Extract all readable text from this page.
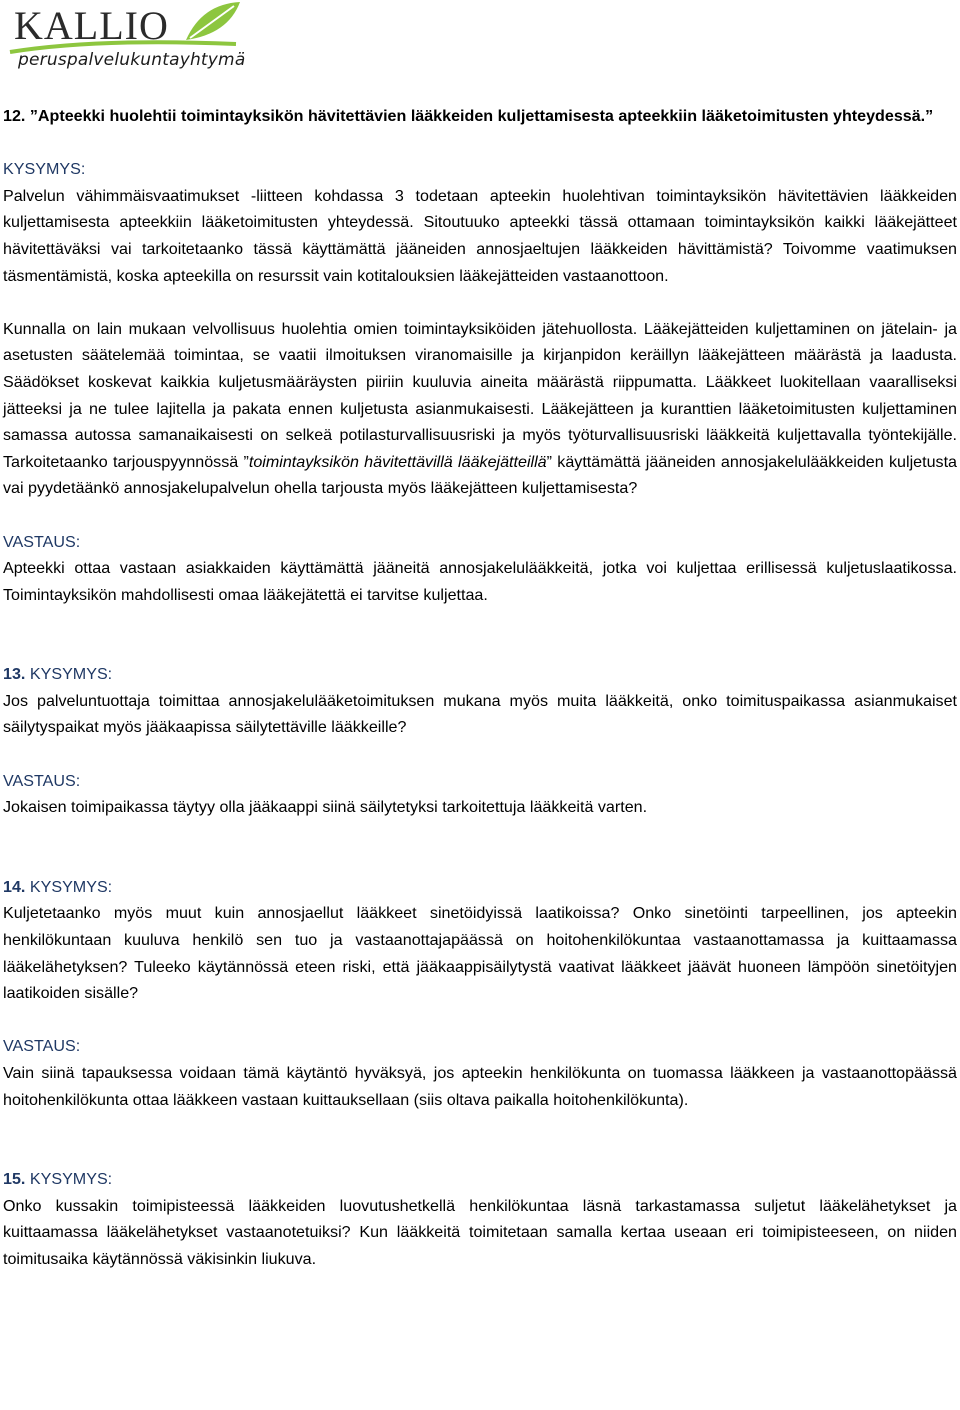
KALLIO
peruspalvelukuntayhtymä

12. ”Apteekki huolehtii toimintayksikön hävitettävien lääkkeiden kuljettamisesta apteekkiin lääketoimitusten yhteydessä.”

KYSYMYS:

Palvelun vähimmäisvaatimukset -liitteen kohdassa 3 todetaan apteekin huolehtivan toimintayksikön hävitettävien lääkkeiden kuljettamisesta apteekkiin lääketoimitusten yhteydessä. Sitoutuuko apteekki tässä ottamaan toimintayksikön kaikki lääkejätteet hävitettäväksi vai tarkoitetaanko tässä käyttämättä jääneiden annosjaeltujen lääkkeiden hävittämistä? Toivomme vaatimuksen täsmentämistä, koska apteekilla on resurssit vain kotitalouksien lääkejätteiden vastaanottoon.

Kunnalla on lain mukaan velvollisuus huolehtia omien toimintayksiköiden jätehuollosta. Lääkejätteiden kuljettaminen on jätelain- ja asetusten säätelemää toimintaa, se vaatii ilmoituksen viranomaisille ja kirjanpidon keräillyn lääkejätteen määrästä ja laadusta. Säädökset koskevat kaikkia kuljetusmääräysten piiriin kuuluvia aineita määrästä riippumatta. Lääkkeet luokitellaan vaaralliseksi jätteeksi ja ne tulee lajitella ja pakata ennen kuljetusta asianmukaisesti. Lääkejätteen ja kuranttien lääketoimitusten kuljettaminen samassa autossa samanaikaisesti on selkeä potilasturvallisuusriski ja myös työturvallisuusriski lääkkeitä kuljettavalla työntekijälle. Tarkoitetaanko tarjouspyynnössä ”toimintayksikön hävitettävillä lääkejätteillä” käyttämättä jääneiden annosjakelulääkkeiden kuljetusta vai pyydetäänkö annosjakelupalvelun ohella tarjousta myös lääkejätteen kuljettamisesta?

VASTAUS:

Apteekki ottaa vastaan asiakkaiden käyttämättä jääneitä annosjakelulääkkeitä, jotka voi kuljettaa erillisessä kuljetuslaatikossa. Toimintayksikön mahdollisesti omaa lääkejätettä ei tarvitse kuljettaa.

13. KYSYMYS:

Jos palveluntuottaja toimittaa annosjakelulääketoimituksen mukana myös muita lääkkeitä, onko toimituspaikassa asianmukaiset säilytyspaikat myös jääkaapissa säilytettäville lääkkeille?

VASTAUS:

Jokaisen toimipaikassa täytyy olla jääkaappi siinä säilytetyksi tarkoitettuja lääkkeitä varten.

14. KYSYMYS:

Kuljetetaanko myös muut kuin annosjaellut lääkkeet sinetöidyissä laatikoissa? Onko sinetöinti tarpeellinen, jos apteekin henkilökuntaan kuuluva henkilö sen tuo ja vastaanottajapäässä on hoitohenkilökuntaa vastaanottamassa ja kuittaamassa lääkelähetyksen? Tuleeko käytännössä eteen riski, että jääkaappisäilytystä vaativat lääkkeet jäävät huoneen lämpöön sinetöityjen laatikoiden sisälle?

VASTAUS:

Vain siinä tapauksessa voidaan tämä käytäntö hyväksyä, jos apteekin henkilökunta on tuomassa lääkkeen ja vastaanottopäässä hoitohenkilökunta ottaa lääkkeen vastaan kuittauksellaan (siis oltava paikalla hoitohenkilökunta).

15. KYSYMYS:

Onko kussakin toimipisteessä lääkkeiden luovutushetkellä henkilökuntaa läsnä tarkastamassa suljetut lääkelähetykset ja kuittaamassa lääkelähetykset vastaanotetuiksi? Kun lääkkeitä toimitetaan samalla kertaa useaan eri toimipisteeseen, on niiden toimitusaika käytännössä väkisinkin liukuva.
